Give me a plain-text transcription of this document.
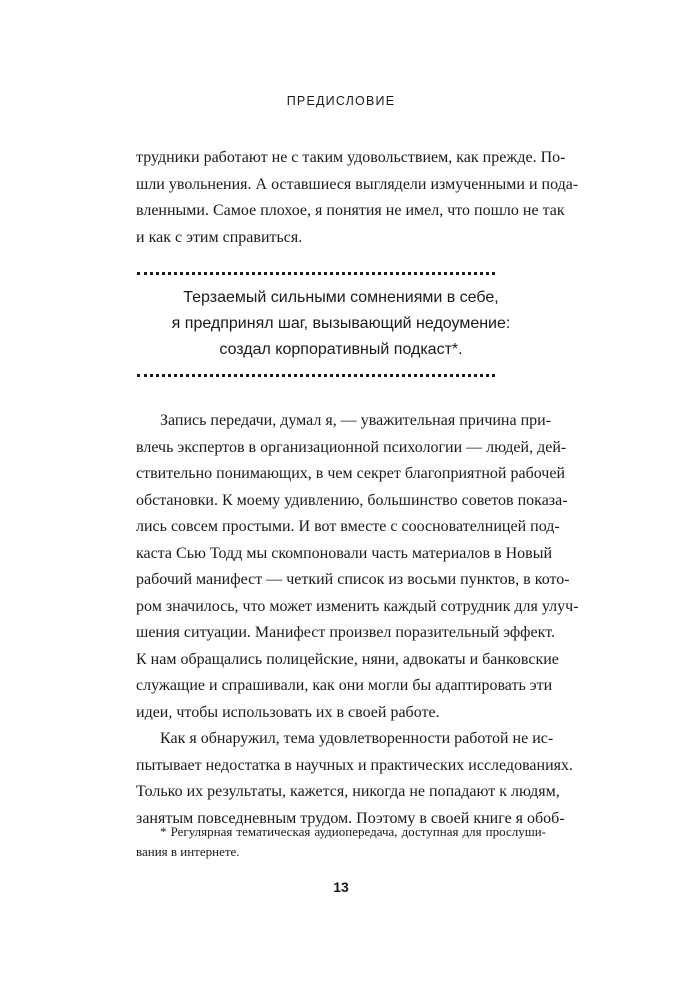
ПРЕДИСЛОВИЕ
трудники работают не с таким удовольствием, как прежде. По-
шли увольнения. А оставшиеся выглядели измученными и пода-
вленными. Самое плохое, я понятия не имел, что пошло не так
и как с этим справиться.
Терзаемый сильными сомнениями в себе,
я предпринял шаг, вызывающий недоумение:
создал корпоративный подкаст*.
Запись передачи, думал я, — уважительная причина при-
влечь экспертов в организационной психологии — людей, дей-
ствительно понимающих, в чем секрет благоприятной рабочей
обстановки. К моему удивлению, большинство советов показа-
лись совсем простыми. И вот вместе с сооснователницей под-
каста Сью Тодд мы скомпоновали часть материалов в Новый
рабочий манифест — четкий список из восьми пунктов, в кото-
ром значилось, что может изменить каждый сотрудник для улуч-
шения ситуации. Манифест произвел поразительный эффект.
К нам обращались полицейские, няни, адвокаты и банковские
служащие и спрашивали, как они могли бы адаптировать эти
идеи, чтобы использовать их в своей работе.
Как я обнаружил, тема удовлетворенности работой не ис-
пытывает недостатка в научных и практических исследованиях.
Только их результаты, кажется, никогда не попадают к людям,
занятым повседневным трудом. Поэтому в своей книге я обоб-
* Регулярная тематическая аудиопередача, доступная для прослуши-
вания в интернете.
13
